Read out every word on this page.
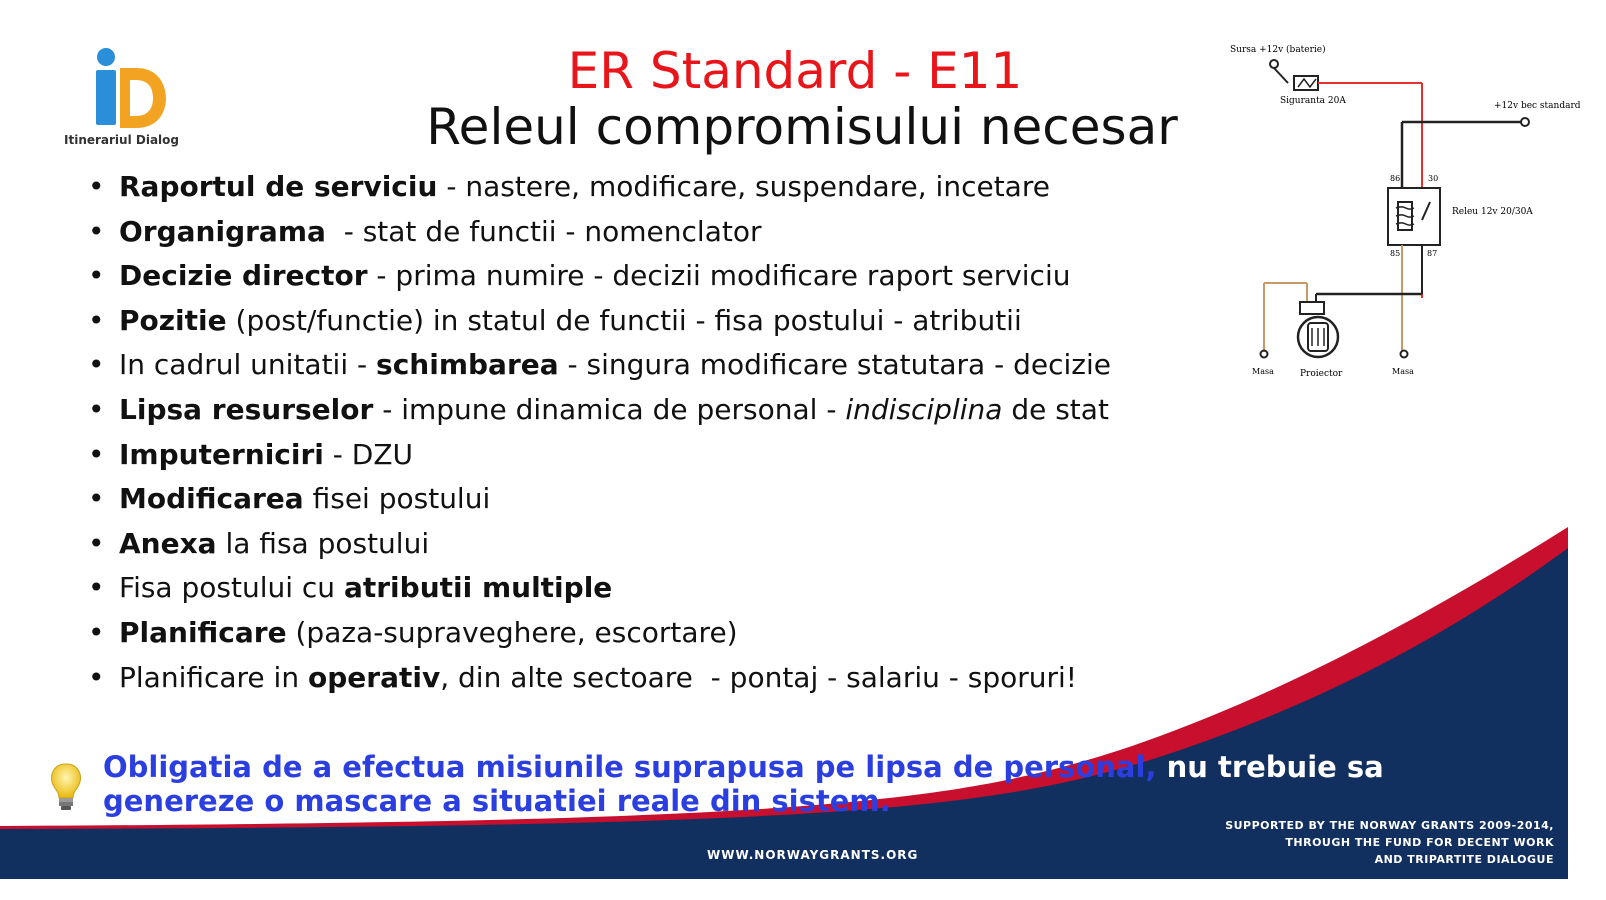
Itinerariul Dialog
ER Standard - E11
Releul compromisului necesar
• Raportul de serviciu - nastere, modificare, suspendare, incetare
• Organigrama  - stat de functii - nomenclator
• Decizie director - prima numire - decizii modificare raport serviciu
• Pozitie (post/functie) in statul de functii - fisa postului - atributii
• In cadrul unitatii - schimbarea - singura modificare statutara - decizie
• Lipsa resurselor - impune dinamica de personal - indisciplina de stat
• Imputerniciri - DZU
• Modificarea fisei postului
• Anexa la fisa postului
• Fisa postului cu atributii multiple
• Planificare (paza-supraveghere, escortare)
• Planificare in operativ, din alte sectoare  - pontaj - salariu - sporuri!
Sursa +12v (baterie)
Siguranta 20A	+12v bec standard
86	30
Releu 12v 20/30A
85	87
Masa	Proiector	Masa
Obligatia de a efectua misiunile suprapusa pe lipsa de personal, nu trebuie sa
genereze o mascare a situatiei reale din sistem.
SUPPORTED BY THE NORWAY GRANTS 2009-2014,
THROUGH THE FUND FOR DECENT WORK
AND TRIPARTITE DIALOGUE
WWW.NORWAYGRANTS.ORG
